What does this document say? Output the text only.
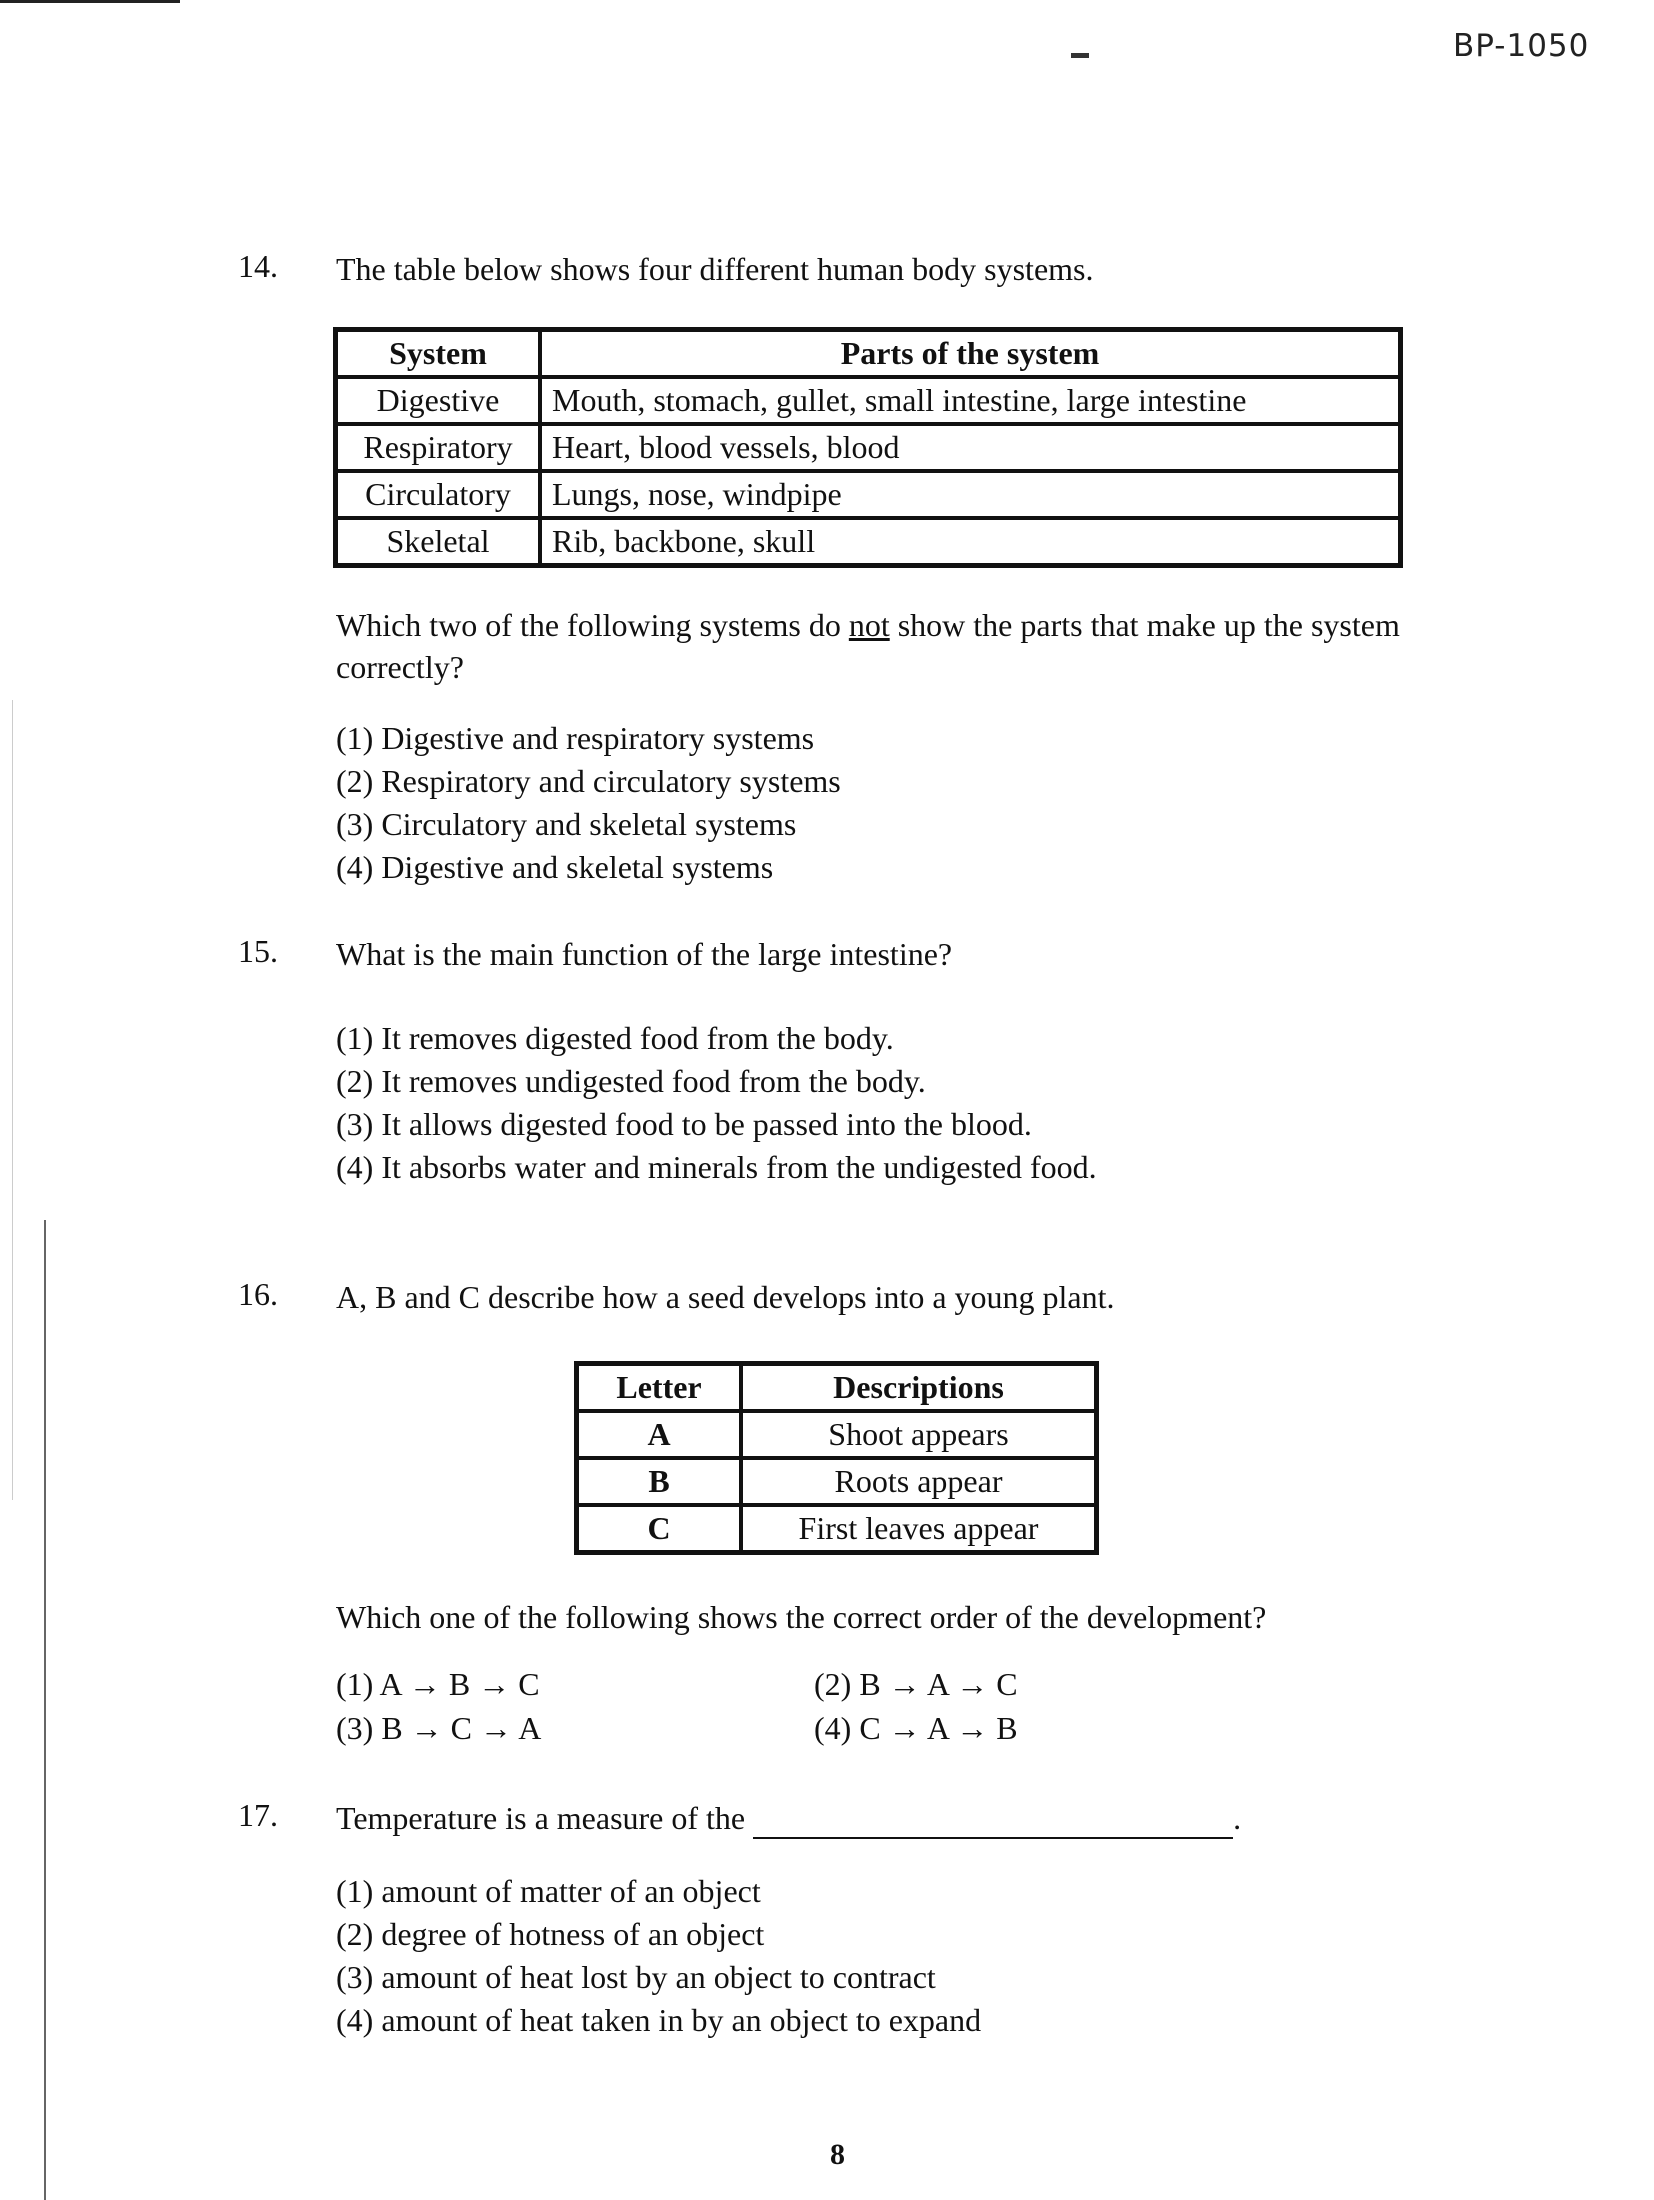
BP-1050
14. The table below shows four different human body systems.
System	Parts of the system
Digestive	Mouth, stomach, gullet, small intestine, large intestine
Respiratory	Heart, blood vessels, blood
Circulatory	Lungs, nose, windpipe
Skeletal	Rib, backbone, skull
Which two of the following systems do not show the parts that make up the system correctly?
(1) Digestive and respiratory systems
(2) Respiratory and circulatory systems
(3) Circulatory and skeletal systems
(4) Digestive and skeletal systems
15. What is the main function of the large intestine?
(1) It removes digested food from the body.
(2) It removes undigested food from the body.
(3) It allows digested food to be passed into the blood.
(4) It absorbs water and minerals from the undigested food.
16. A, B and C describe how a seed develops into a young plant.
Letter	Descriptions
A	Shoot appears
B	Roots appear
C	First leaves appear
Which one of the following shows the correct order of the development?
(1) A → B → C	(2) B → A → C
(3) B → C → A	(4) C → A → B
17. Temperature is a measure of the	.
(1) amount of matter of an object
(2) degree of hotness of an object
(3) amount of heat lost by an object to contract
(4) amount of heat taken in by an object to expand
8
